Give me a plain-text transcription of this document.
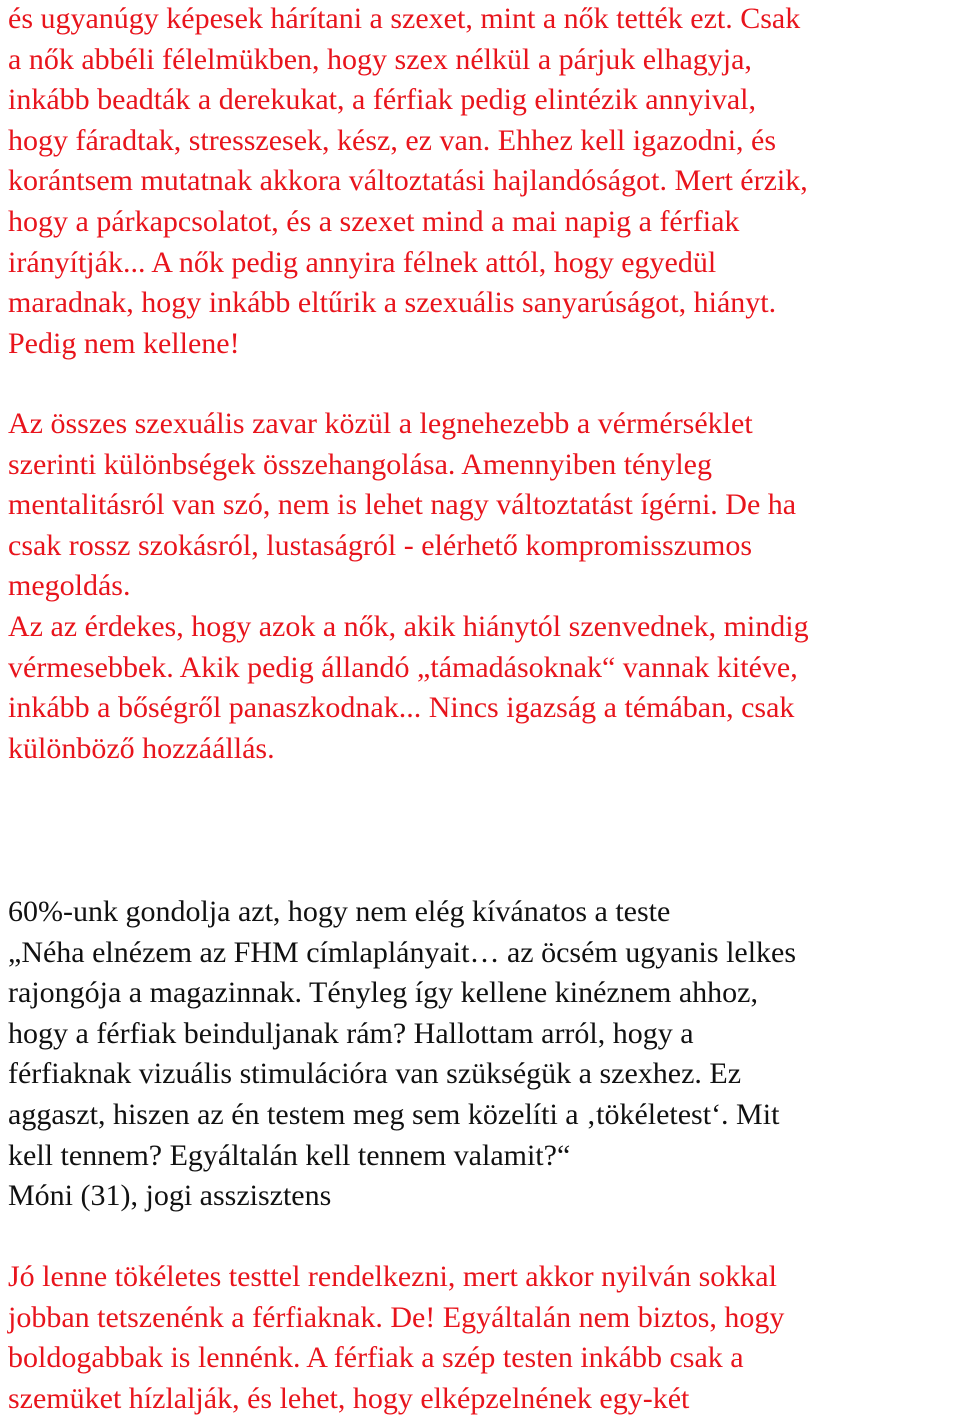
és ugyanúgy képesek hárítani a szexet, mint a nők tették ezt. Csak
a nők abbéli félelmükben, hogy szex nélkül a párjuk elhagyja,
inkább beadták a derekukat, a férfiak pedig elintézik annyival,
hogy fáradtak, stresszesek, kész, ez van. Ehhez kell igazodni, és
korántsem mutatnak akkora változtatási hajlandóságot. Mert érzik,
hogy a párkapcsolatot, és a szexet mind a mai napig a férfiak
irányítják... A nők pedig annyira félnek attól, hogy egyedül
maradnak, hogy inkább eltűrik a szexuális sanyarúságot, hiányt.
Pedig nem kellene!
Az összes szexuális zavar közül a legnehezebb a vérmérséklet
szerinti különbségek összehangolása. Amennyiben tényleg
mentalitásról van szó, nem is lehet nagy változtatást ígérni. De ha
csak rossz szokásról, lustaságról - elérhető kompromisszumos
megoldás.
Az az érdekes, hogy azok a nők, akik hiánytól szenvednek, mindig
vérmesebbek. Akik pedig állandó „támadásoknak“ vannak kitéve,
inkább a bőségről panaszkodnak... Nincs igazság a témában, csak
különböző hozzáállás.
60%-unk gondolja azt, hogy nem elég kívánatos a teste
„Néha elnézem az FHM címlaplányait… az öcsém ugyanis lelkes
rajongója a magazinnak. Tényleg így kellene kinéznem ahhoz,
hogy a férfiak beinduljanak rám? Hallottam arról, hogy a
férfiaknak vizuális stimulációra van szükségük a szexhez. Ez
aggaszt, hiszen az én testem meg sem közelíti a ‚tökéletest‘. Mit
kell tennem? Egyáltalán kell tennem valamit?“
Móni (31), jogi asszisztens
Jó lenne tökéletes testtel rendelkezni, mert akkor nyilván sokkal
jobban tetszenénk a férfiaknak. De! Egyáltalán nem biztos, hogy
boldogabbak is lennénk. A férfiak a szép testen inkább csak a
szemüket hízlalják, és lehet, hogy elképzelnének egy-két
